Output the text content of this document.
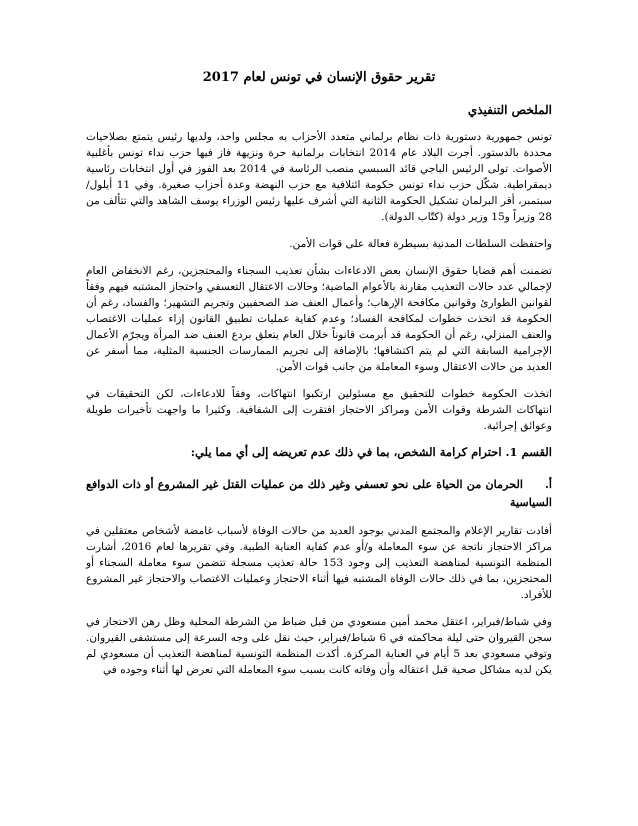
تقرير حقوق الإنسان في تونس لعام 2017
الملخص التنفيذي

تونس جمهورية دستورية ذات نظام برلماني متعدد الأحزاب به مجلس واحد، ولديها رئيس يتمتع بصلاحيات محددة بالدستور. أجرت البلاد عام 2014 انتخابات برلمانية حرة ونزيهة فاز فيها حزب نداء تونس بأغلبية الأصوات. تولى الرئيس الباجي قائد السبسي منصب الرئاسة في 2014 بعد الفوز في أول انتخابات رئاسية ديمقراطية. شكّل حزب نداء تونس حكومة ائتلافية مع حزب النهضة وعدة أحزاب صغيرة. وفي 11 أيلول/سبتمبر، أقر البرلمان تشكيل الحكومة الثانية التي أشرف عليها رئيس الوزراء يوسف الشاهد والتي تتألف من 28 وزيراً و15 وزير دولة (كتّاب الدولة).

واحتفظت السلطات المدنية بسيطرة فعالة على قوات الأمن.

تضمنت أهم قضايا حقوق الإنسان بعض الادعاءات بشأن تعذيب السجناء والمحتجزين، رغم الانخفاض العام لإجمالي عدد حالات التعذيب مقارنة بالأعوام الماضية؛ وحالات الاعتقال التعسفي واحتجاز المشتبه فيهم وفقاً لقوانين الطوارئ وقوانين مكافحة الإرهاب؛ وأعمال العنف ضد الصحفيين وتجريم التشهير؛ والفساد، رغم أن الحكومة قد اتخذت خطوات لمكافحة الفساد؛ وعدم كفاية عمليات تطبيق القانون إزاء عمليات الاغتصاب والعنف المنزلي، رغم أن الحكومة قد أبرمت قانوناً خلال العام يتعلق بردع العنف ضد المرأة ويجرّم الأعمال الإجرامية السابقة التي لم يتم اكتشافها؛ بالإضافة إلى تجريم الممارسات الجنسية المثلية، مما أسفر عن العديد من حالات الاعتقال وسوء المعاملة من جانب قوات الأمن.

اتخذت الحكومة خطوات للتحقيق مع مسئولين ارتكبوا انتهاكات، وفقاً للادعاءات، لكن التحقيقات في انتهاكات الشرطة وقوات الأمن ومراكز الاحتجاز افتقرت إلى الشفافية. وكثيرا ما واجهت تأخيرات طويلة وعوائق إجرائية.

القسم 1. احترام كرامة الشخص، بما في ذلك عدم تعريضه إلى أي مما يلي:
أ.الحرمان من الحياة على نحو تعسفي وغير ذلك من عمليات القتل غير المشروع أو ذات الدوافع السياسية

أفادت تقارير الإعلام والمجتمع المدني بوجود العديد من حالات الوفاة لأسباب غامضة لأشخاص معتقلين في مراكز الاحتجاز ناتجة عن سوء المعاملة و/أو عدم كفاية العناية الطبية. وفي تقريرها لعام 2016، أشارت المنظمة التونسية لمناهضة التعذيب إلى وجود 153 حالة تعذيب مسجلة تتضمن سوء معاملة السجناء أو المحتجزين، بما في ذلك حالات الوفاة المشتبه فيها أثناء الاحتجاز وعمليات الاغتصاب والاحتجاز غير المشروع للأفراد.

وفي شباط/فبراير، اعتقل محمد أمين مسعودي من قبل ضباط من الشرطة المحلية وظل رهن الاحتجاز في سجن القيروان حتى ليلة محاكمته في 6 شباط/فبراير، حيث نقل على وجه السرعة إلى مستشفى القيروان. وتوفي مسعودي بعد 5 أيام في العناية المركزة. أكدت المنظمة التونسية لمناهضة التعذيب أن مسعودي لم يكن لديه مشاكل صحية قبل اعتقاله وأن وفاته كانت بسبب سوء المعاملة التي تعرض لها أثناء وجوده في
